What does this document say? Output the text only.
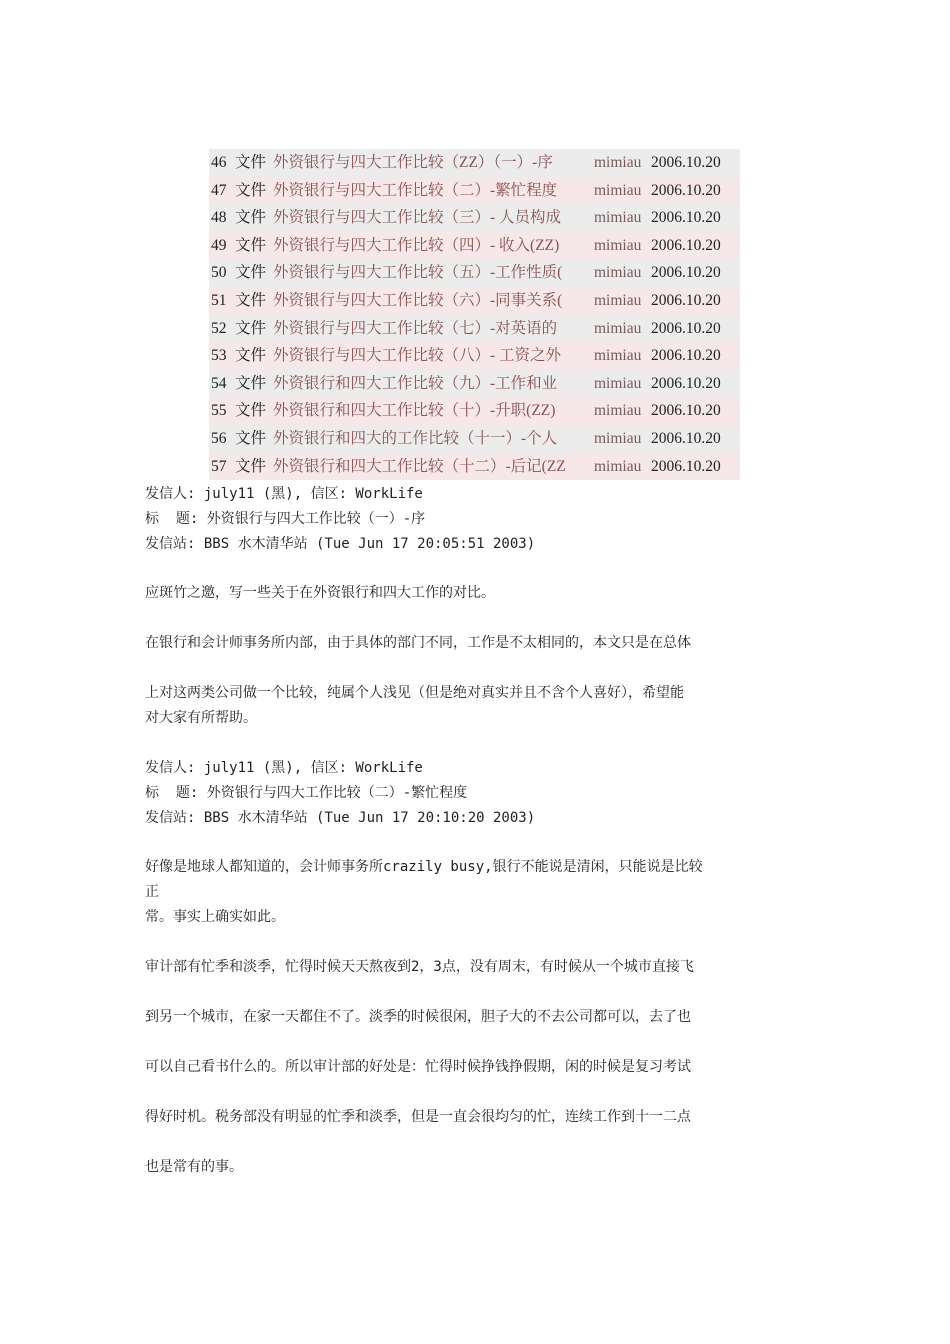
46	文件	外资银行与四大工作比较（ZZ）（一）-序	mimiau	2006.10.20
47	文件	外资银行与四大工作比较（二）-繁忙程度	mimiau	2006.10.20
48	文件	外资银行与四大工作比较（三）- 人员构成	mimiau	2006.10.20
49	文件	外资银行与四大工作比较（四）- 收入(ZZ)	mimiau	2006.10.20
50	文件	外资银行与四大工作比较（五）-工作性质(	mimiau	2006.10.20
51	文件	外资银行与四大工作比较（六）-同事关系(	mimiau	2006.10.20
52	文件	外资银行与四大工作比较（七）-对英语的	mimiau	2006.10.20
53	文件	外资银行与四大工作比较（八）- 工资之外	mimiau	2006.10.20
54	文件	外资银行和四大工作比较（九）-工作和业	mimiau	2006.10.20
55	文件	外资银行和四大工作比较（十）-升职(ZZ)	mimiau	2006.10.20
56	文件	外资银行和四大的工作比较（十一）-个人	mimiau	2006.10.20
57	文件	外资银行和四大工作比较（十二）-后记(ZZ	mimiau	2006.10.20
发信人: july11 (黑), 信区: WorkLife
标  题: 外资银行与四大工作比较（一）-序
发信站: BBS 水木清华站 (Tue Jun 17 20:05:51 2003)
应斑竹之邀，写一些关于在外资银行和四大工作的对比。
在银行和会计师事务所内部，由于具体的部门不同，工作是不太相同的，本文只是在总体
上对这两类公司做一个比较，纯属个人浅见（但是绝对真实并且不含个人喜好），希望能
对大家有所帮助。
发信人: july11 (黑), 信区: WorkLife
标  题: 外资银行与四大工作比较（二）-繁忙程度
发信站: BBS 水木清华站 (Tue Jun 17 20:10:20 2003)
好像是地球人都知道的，会计师事务所crazily busy,银行不能说是清闲，只能说是比较
正
常。事实上确实如此。
审计部有忙季和淡季，忙得时候天天熬夜到2，3点，没有周末，有时候从一个城市直接飞
到另一个城市，在家一天都住不了。淡季的时候很闲，胆子大的不去公司都可以，去了也
可以自己看书什么的。所以审计部的好处是：忙得时候挣钱挣假期，闲的时候是复习考试
得好时机。税务部没有明显的忙季和淡季，但是一直会很均匀的忙，连续工作到十一二点
也是常有的事。
